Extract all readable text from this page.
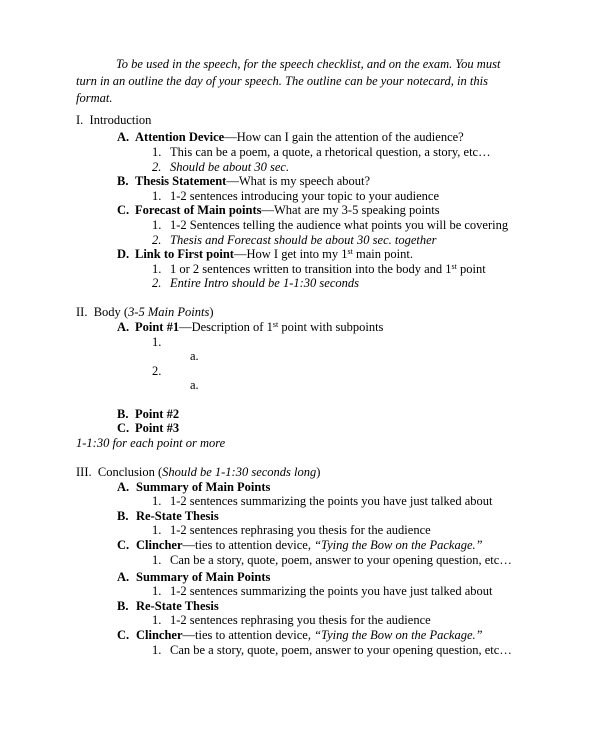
To be used in the speech, for the speech checklist, and on the exam. You must turn in an outline the day of your speech. The outline can be your notecard, in this format.
I. Introduction
A. Attention Device—How can I gain the attention of the audience?
1. This can be a poem, a quote, a rhetorical question, a story, etc…
2. Should be about 30 sec.
B. Thesis Statement—What is my speech about?
1. 1-2 sentences introducing your topic to your audience
C. Forecast of Main points—What are my 3-5 speaking points
1. 1-2 Sentences telling the audience what points you will be covering
2. Thesis and Forecast should be about 30 sec. together
D. Link to First point—How I get into my 1st main point.
1. 1 or 2 sentences written to transition into the body and 1st point
2. Entire Intro should be 1-1:30 seconds
II. Body (3-5 Main Points)
A. Point #1—Description of 1st point with subpoints
1.
a.
2.
a.
B. Point #2
C. Point #3
1-1:30 for each point or more
III. Conclusion (Should be 1-1:30 seconds long)
A. Summary of Main Points
1. 1-2 sentences summarizing the points you have just talked about
B. Re-State Thesis
1. 1-2 sentences rephrasing you thesis for the audience
C. Clincher—ties to attention device, “Tying the Bow on the Package.”
1. Can be a story, quote, poem, answer to your opening question, etc…
A. Summary of Main Points
1. 1-2 sentences summarizing the points you have just talked about
B. Re-State Thesis
1. 1-2 sentences rephrasing you thesis for the audience
C. Clincher—ties to attention device, “Tying the Bow on the Package.”
1. Can be a story, quote, poem, answer to your opening question, etc…
